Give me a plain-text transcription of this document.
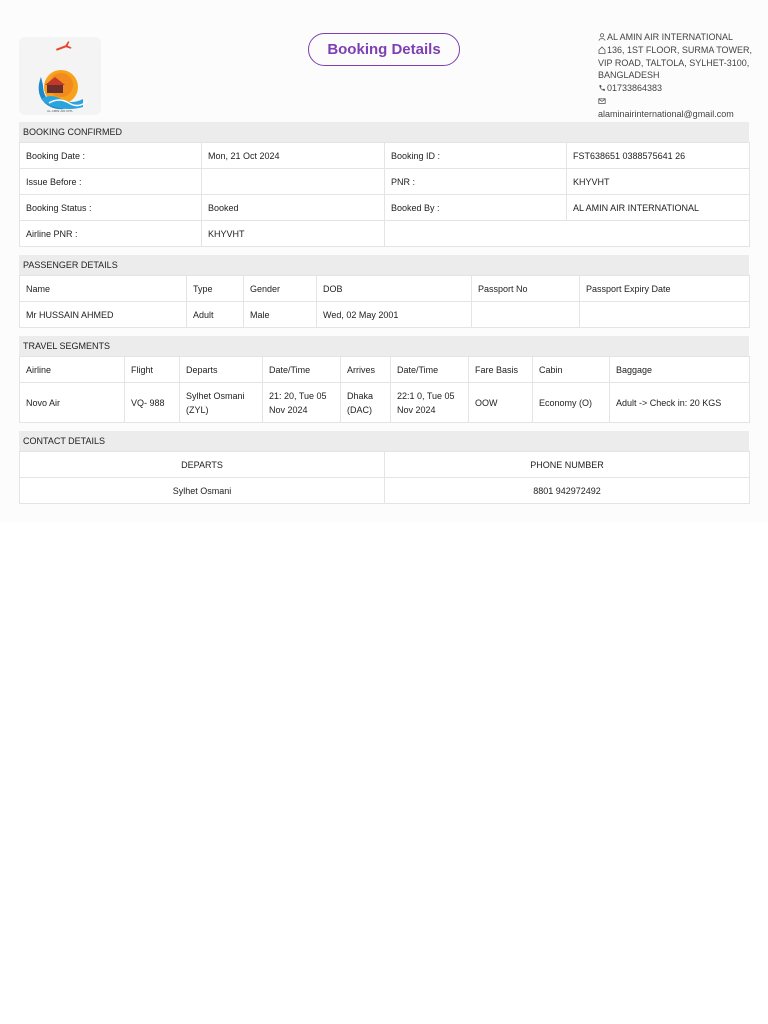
AL AMIN AIR INTL
Booking Details
AL AMIN AIR INTERNATIONAL
136, 1ST FLOOR, SURMA TOWER, VIP ROAD, TALTOLA, SYLHET-3100, BANGLADESH
01733864383
alaminairinternational@gmail.com
BOOKING CONFIRMED
Booking Date :	Mon, 21 Oct 2024	Booking ID :	FST638651 0388575641 26
Issue Before :		PNR :	KHYVHT
Booking Status :	Booked	Booked By :	AL AMIN AIR INTERNATIONAL
Airline PNR :	KHYVHT		
PASSENGER DETAILS
Name	Type	Gender	DOB	Passport No	Passport Expiry Date
Mr HUSSAIN AHMED	Adult	Male	Wed, 02 May 2001		
TRAVEL SEGMENTS
Airline	Flight	Departs	Date/Time	Arrives	Date/Time	Fare Basis	Cabin	Baggage
Novo Air	VQ- 988	Sylhet Osmani (ZYL)	21: 20, Tue 05 Nov 2024	Dhaka (DAC)	22:1 0, Tue 05 Nov 2024	OOW	Economy (O)	Adult -> Check in: 20 KGS
CONTACT DETAILS
DEPARTS	PHONE NUMBER
Sylhet Osmani	8801 942972492
